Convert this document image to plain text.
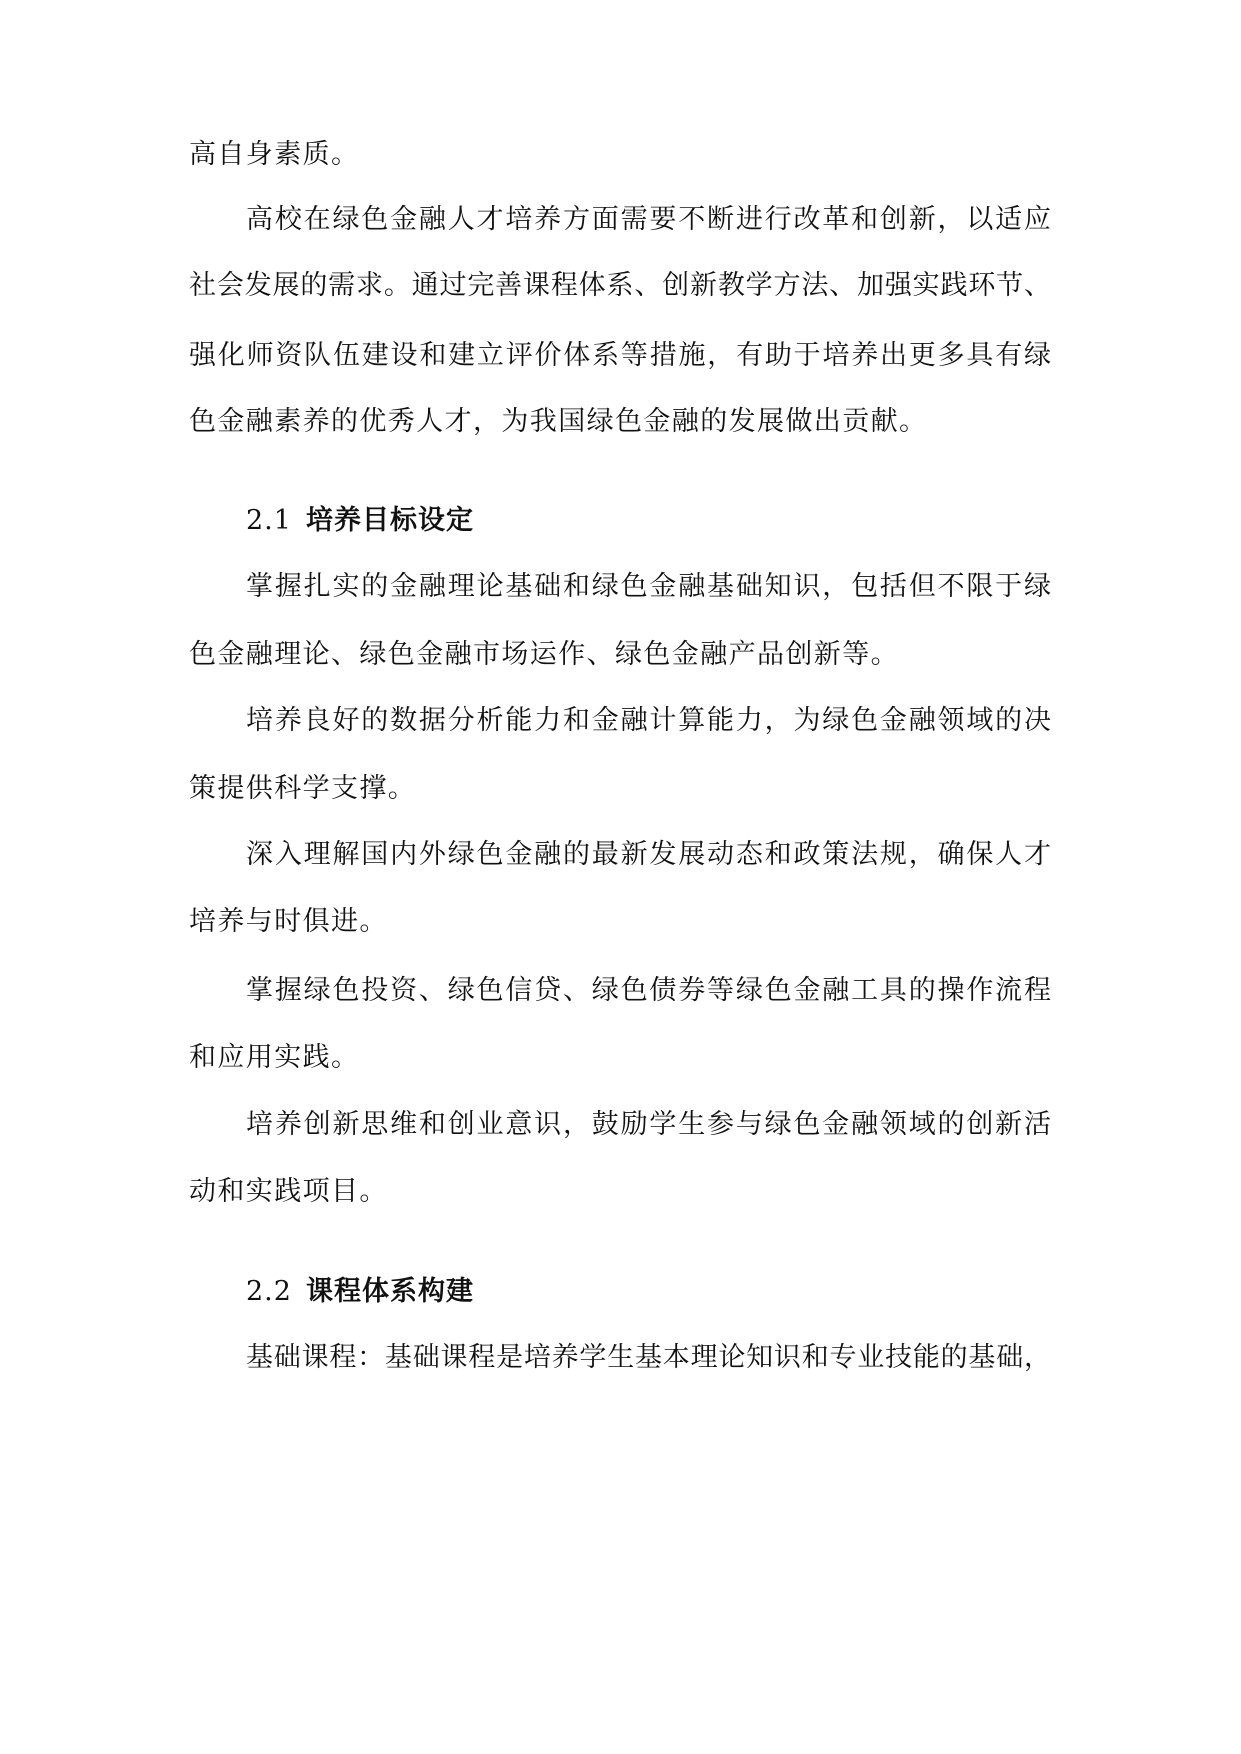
高自身素质。
高校在绿色金融人才培养方面需要不断进行改革和创新，以适应
社会发展的需求。通过完善课程体系、创新教学方法、加强实践环节、
强化师资队伍建设和建立评价体系等措施，有助于培养出更多具有绿
色金融素养的优秀人才，为我国绿色金融的发展做出贡献。
2.1 培养目标设定
掌握扎实的金融理论基础和绿色金融基础知识，包括但不限于绿
色金融理论、绿色金融市场运作、绿色金融产品创新等。
培养良好的数据分析能力和金融计算能力，为绿色金融领域的决
策提供科学支撑。
深入理解国内外绿色金融的最新发展动态和政策法规，确保人才
培养与时俱进。
掌握绿色投资、绿色信贷、绿色债券等绿色金融工具的操作流程
和应用实践。
培养创新思维和创业意识，鼓励学生参与绿色金融领域的创新活
动和实践项目。
2.2 课程体系构建
基础课程：基础课程是培养学生基本理论知识和专业技能的基础，
